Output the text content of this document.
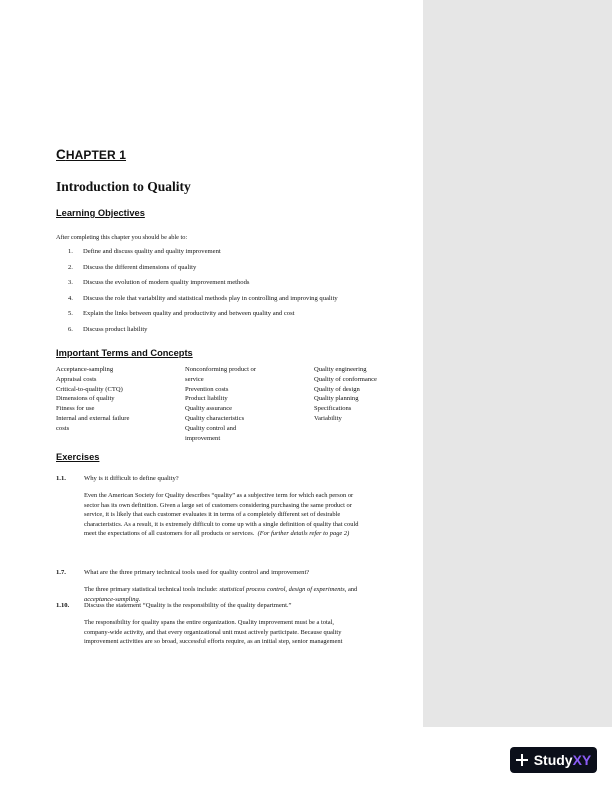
CHAPTER 1
Introduction to Quality
Learning Objectives
After completing this chapter you should be able to:
1. Define and discuss quality and quality improvement
2. Discuss the different dimensions of quality
3. Discuss the evolution of modern quality improvement methods
4. Discuss the role that variability and statistical methods play in controlling and improving quality
5. Explain the links between quality and productivity and between quality and cost
6. Discuss product liability
Important Terms and Concepts
Acceptance-sampling
Appraisal costs
Critical-to-quality (CTQ)
Dimensions of quality
Fitness for use
Internal and external failure
costs
Nonconforming product or
service
Prevention costs
Product liability
Quality assurance
Quality characteristics
Quality control and
improvement
Quality engineering
Quality of conformance
Quality of design
Quality planning
Specifications
Variability
Exercises
1.1.	Why is it difficult to define quality?
Even the American Society for Quality describes “quality” as a subjective term for which each person or
sector has its own definition. Given a large set of customers considering purchasing the same product or
service, it is likely that each customer evaluates it in terms of a completely different set of desirable
characteristics. As a result, it is extremely difficult to come up with a single definition of quality that could
meet the expectations of all customers for all products or services. (For further details refer to page 2)
1.7.	What are the three primary technical tools used for quality control and improvement?
The three primary statistical technical tools include: statistical process control, design of experiments, and
acceptance-sampling.
1.10. Discuss the statement “Quality is the responsibility of the quality department.”
The responsibility for quality spans the entire organization. Quality improvement must be a total,
company-wide activity, and that every organizational unit must actively participate. Because quality
improvement activities are so broad, successful efforts require, as an initial step, senior management
Study XY
